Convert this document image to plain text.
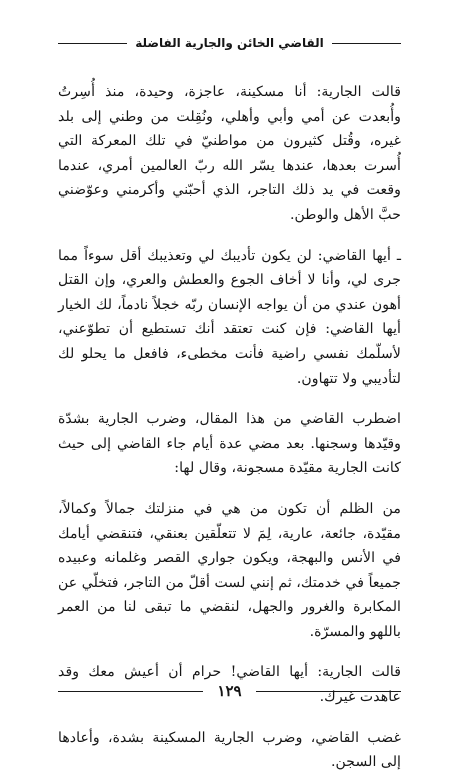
القاضي الخائن والجارية الفاضلة

قالت الجارية: أنا مسكينة، عاجزة، وحيدة، منذ أُسِرتُ وأُبعدت عن أمي وأبي وأهلي، ونُقِلت من وطني إلى بلد غيره، وقُتل كثيرون من مواطنيّ في تلك المعركة التي أُسرت بعدها، عندها يسّر الله ربّ العالمين أمري، عندما وقعت في يد ذلك التاجر، الذي أحبّني وأكرمني وعوّضني حبَّ الأهل والوطن.

ـ أيها القاضي: لن يكون تأديبك لي وتعذيبك أقل سوءاً مما جرى لي، وأنا لا أخاف الجوع والعطش والعري، وإن القتل أهون عندي من أن يواجه الإنسان ربّه خجلاً نادماً، لك الخيار أيها القاضي: فإن كنت تعتقد أنك تستطيع أن تطوّعني، لأسلّمك نفسي راضية فأنت مخطىء، فافعل ما يحلو لك لتأديبي ولا تتهاون.

اضطرب القاضي من هذا المقال، وضرب الجارية بشدّة وقيّدها وسجنها. بعد مضي عدة أيام جاء القاضي إلى حيث كانت الجارية مقيّدة مسجونة، وقال لها:

من الظلم أن تكون من هي في منزلتك جمالاً وكمالاً، مقيّدة، جائعة، عارية، لِمَ لا تتعلّقين بعنقي، فتنقضي أيامك في الأنس والبهجة، ويكون جواري القصر وغلمانه وعبيده جميعاً في خدمتك، ثم إنني لست أقلّ من التاجر، فتخلّي عن المكابرة والغرور والجهل، لنقضي ما تبقى لنا من العمر باللهو والمسرّة.

قالت الجارية: أيها القاضي! حرام أن أعيش معك وقد عاهدت غيرك.

غضب القاضي، وضرب الجارية المسكينة بشدة، وأعادها إلى السجن.

١٢٩
